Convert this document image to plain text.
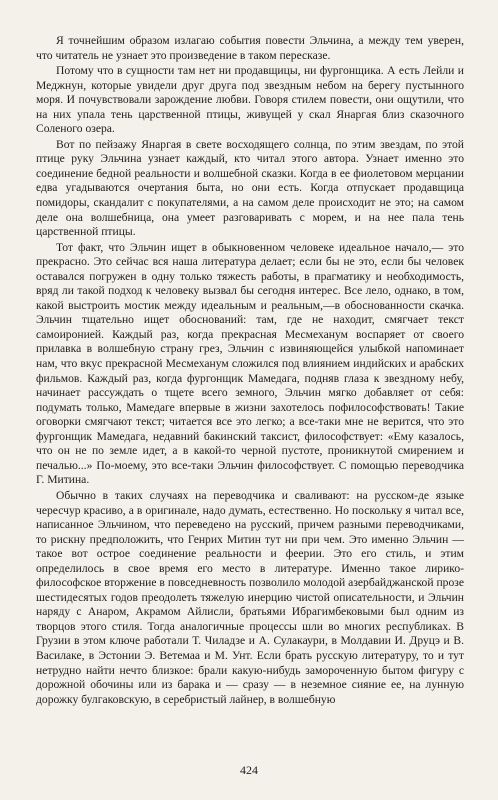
Я точнейшим образом излагаю события повести Эльчина, а между тем уверен, что читатель не узнает это произведение в таком пересказе.

Потому что в сущности там нет ни продавщицы, ни фургонщика. А есть Лейли и Меджнун, которые увидели друг друга под звездным небом на берегу пустынного моря. И почувствовали зарождение любви. Говоря стилем повести, они ощутили, что на них упала тень царственной птицы, живущей у скал Янаргая близ сказочного Соленого озера.

Вот по пейзажу Янаргая в свете восходящего солнца, по этим звездам, по этой птице руку Эльчина узнает каждый, кто читал этого автора. Узнает именно это соединение бедной реальности и волшебной сказки. Когда в ее фиолетовом мерцании едва угадываются очертания быта, но они есть. Когда отпускает продавщица помидоры, скандалит с покупателями, а на самом деле происходит не это; на самом деле она волшебница, она умеет разговаривать с морем, и на нее пала тень царственной птицы.

Тот факт, что Эльчин ищет в обыкновенном человеке идеальное начало,— это прекрасно. Это сейчас вся наша литература делает; если бы не это, если бы человек оставался погружен в одну только тяжесть работы, в прагматику и необходимость, вряд ли такой подход к человеку вызвал бы сегодня интерес. Все лело, однако, в том, какой выстроить мостик между идеальным и реальным,—в обоснованности скачка. Эльчин тщательно ищет обоснований: там, где не находит, смягчает текст самоиронией. Каждый раз, когда прекрасная Месмеханум воспаряет от своего прилавка в волшебную страну грез, Эльчин с извиняющейся улыбкой напоминает нам, что вкус прекрасной Месмеханум сложился под влиянием индийских и арабских фильмов. Каждый раз, когда фургонщик Мамедага, подняв глаза к звездному небу, начинает рассуждать о тщете всего земного, Эльчин мягко добавляет от себя: подумать только, Мамедаге впервые в жизни захотелось пофилософствовать! Такие оговорки смягчают текст; читается все это легко; а все-таки мне не верится, что это фургонщик Мамедага, недавний бакинский таксист, философствует: «Ему казалось, что он не по земле идет, а в какой-то черной пустоте, проникнутой смирением и печалью...» По-моему, это все-таки Эльчин философствует. С помощью переводчика Г. Митина.

Обычно в таких случаях на переводчика и сваливают: на русском-де языке чересчур красиво, а в оригинале, надо думать, естественно. Но поскольку я читал все, написанное Эльчином, что переведено на русский, причем разными переводчиками, то рискну предположить, что Генрих Митин тут ни при чем. Это именно Эльчин — такое вот острое соединение реальности и феерии. Это его стиль, и этим определилось в свое время его место в литературе. Именно такое лирико-философское вторжение в повседневность позволило молодой азербайджанской прозе шестидесятых годов преодолеть тяжелую инерцию чистой описательности, и Эльчин наряду с Анаром, Акрамом Айлисли, братьями Ибрагимбековыми был одним из творцов этого стиля. Тогда аналогичные процессы шли во многих республиках. В Грузии в этом ключе работали Т. Чиладзе и А. Сулакаури, в Молдавии И. Друцэ и В. Василаке, в Эстонии Э. Ветемаа и М. Унт. Если брать русскую литературу, то и тут нетрудно найти нечто близкое: брали какую-нибудь замороченную бытом фигуру с дорожной обочины или из барака и — сразу — в неземное сияние ее, на лунную дорожку булгаковскую, в серебристый лайнер, в волшебную

424
